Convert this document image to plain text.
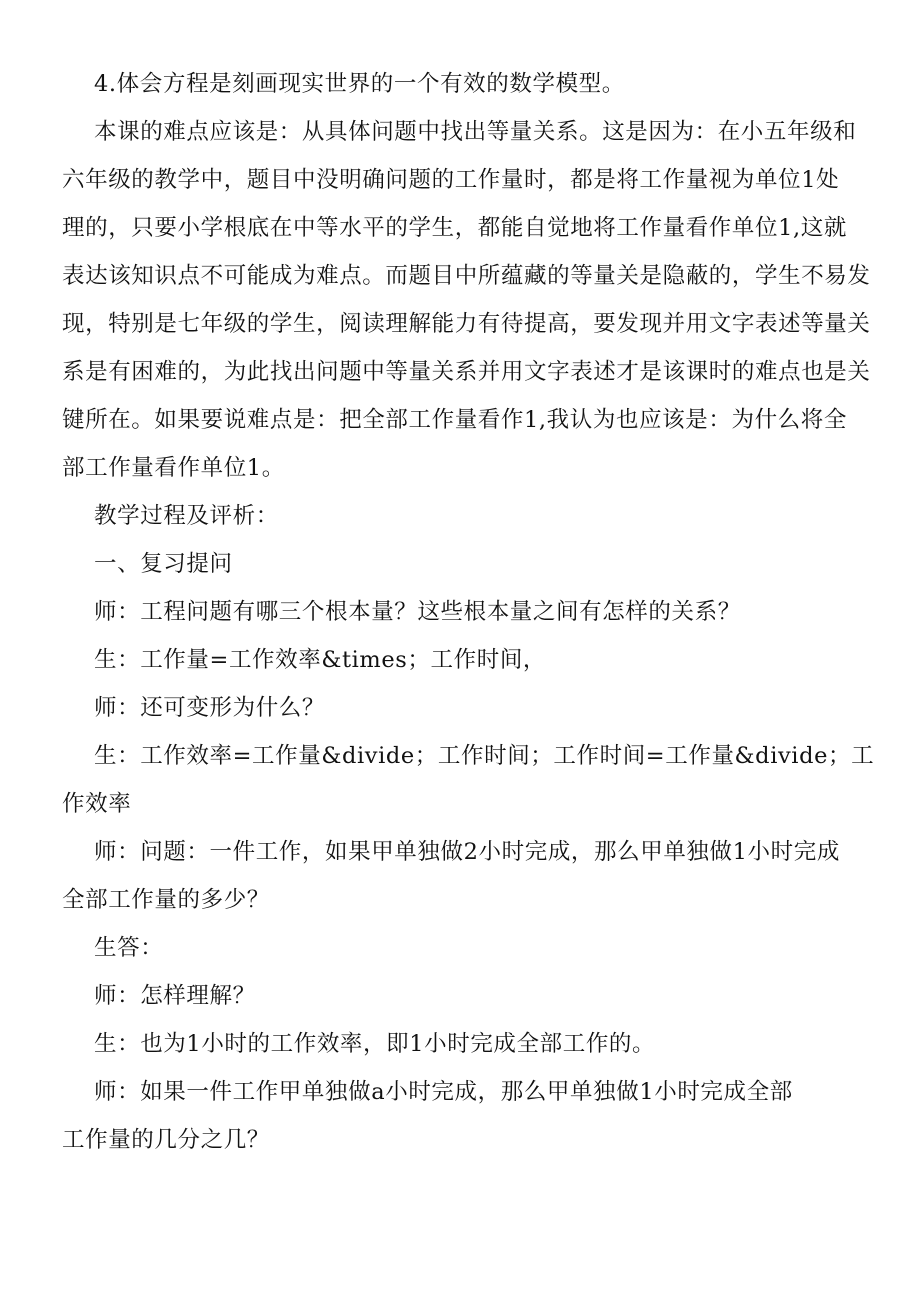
4.体会方程是刻画现实世界的一个有效的数学模型。
本课的难点应该是：从具体问题中找出等量关系。这是因为：在小五年级和
六年级的教学中，题目中没明确问题的工作量时，都是将工作量视为单位1处
理的，只要小学根底在中等水平的学生，都能自觉地将工作量看作单位1,这就
表达该知识点不可能成为难点。而题目中所蕴藏的等量关是隐蔽的，学生不易发
现，特别是七年级的学生，阅读理解能力有待提高，要发现并用文字表述等量关
系是有困难的，为此找出问题中等量关系并用文字表述才是该课时的难点也是关
键所在。如果要说难点是：把全部工作量看作1,我认为也应该是：为什么将全
部工作量看作单位1。
教学过程及评析：
一、复习提问
师：工程问题有哪三个根本量？这些根本量之间有怎样的关系？
生：工作量=工作效率&times；工作时间，
师：还可变形为什么？
生：工作效率=工作量&divide；工作时间；工作时间=工作量&divide；工
作效率
师：问题：一件工作，如果甲单独做2小时完成，那么甲单独做1小时完成
全部工作量的多少？
生答：
师：怎样理解？
生：也为1小时的工作效率，即1小时完成全部工作的。
师：如果一件工作甲单独做a小时完成，那么甲单独做1小时完成全部
工作量的几分之几？
